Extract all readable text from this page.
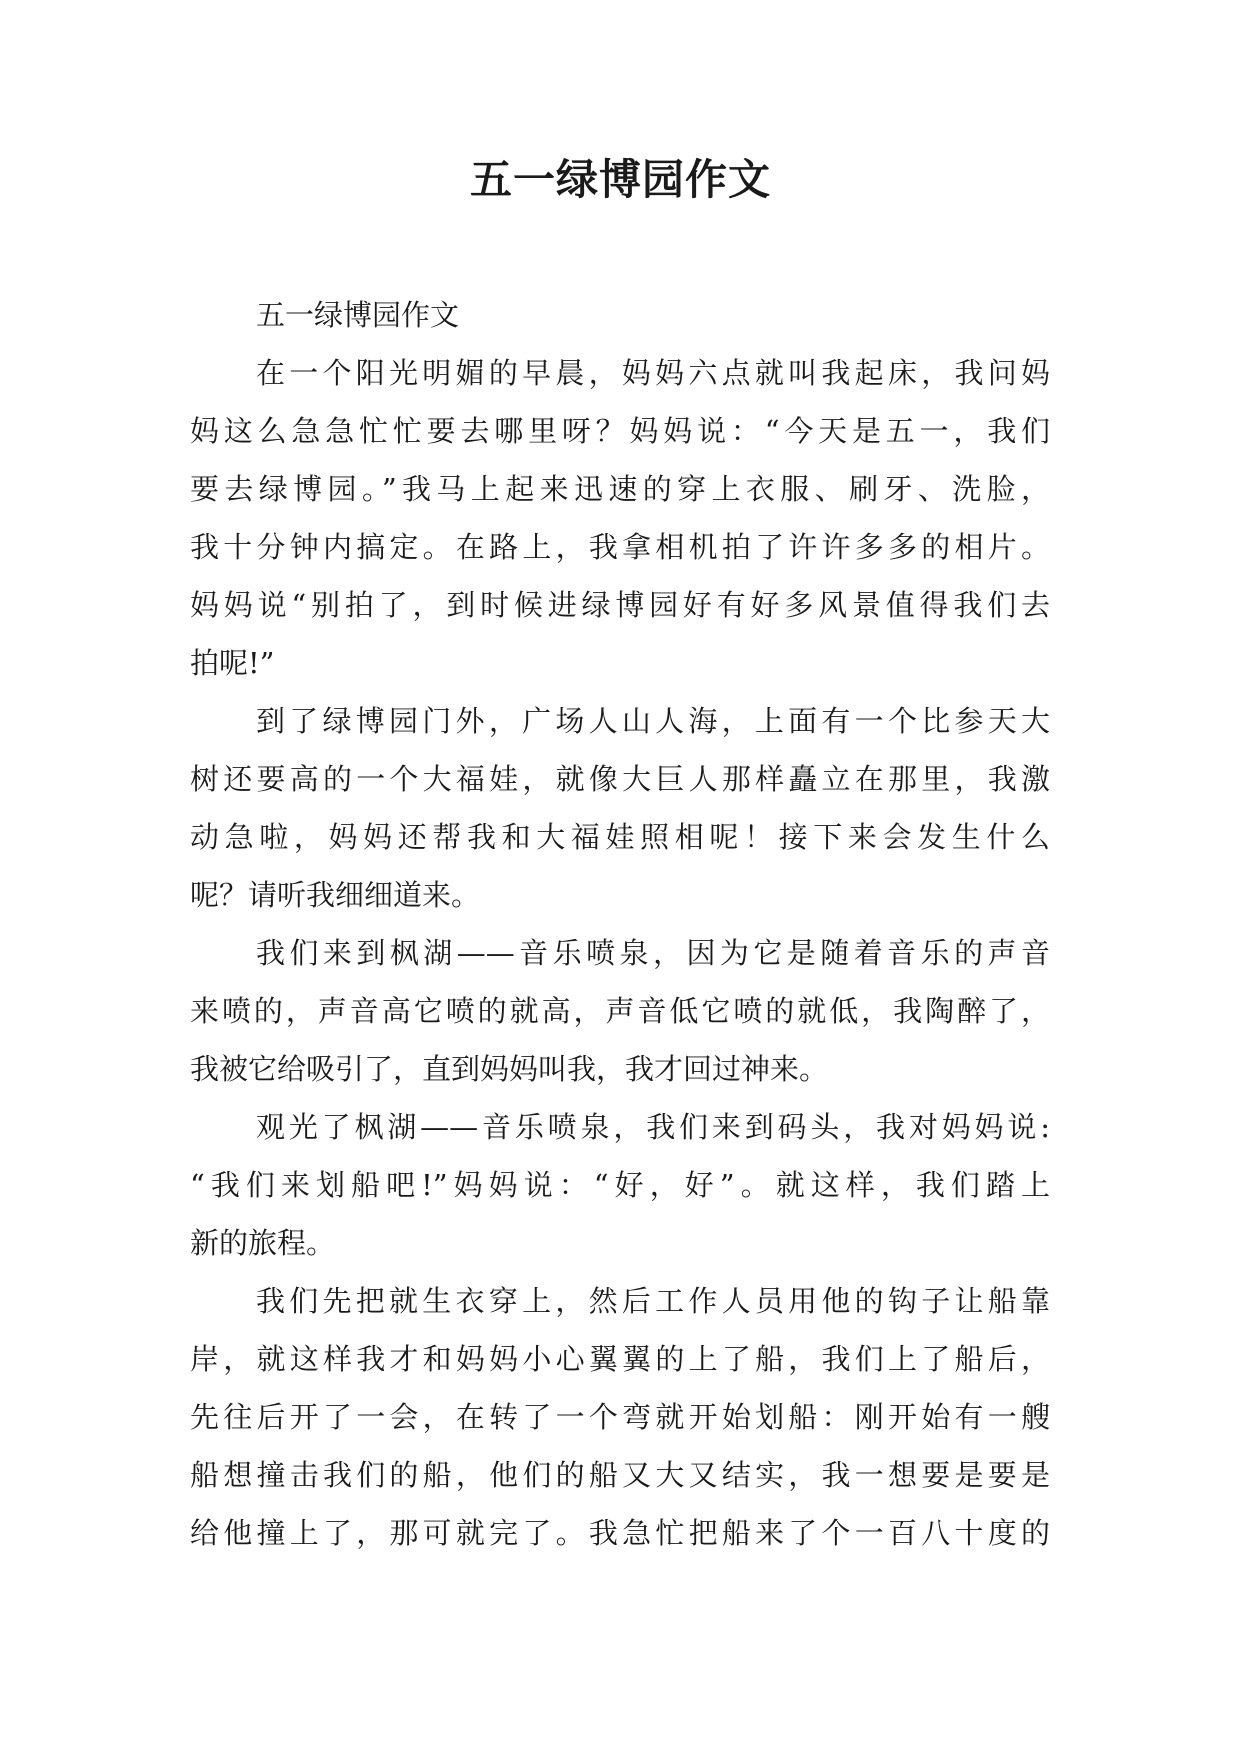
五一绿博园作文
五一绿博园作文
在一个阳光明媚的早晨，妈妈六点就叫我起床，我问妈
妈这么急急忙忙要去哪里呀？妈妈说：“今天是五一，我们
要去绿博园。”我马上起来迅速的穿上衣服、刷牙、洗脸，
我十分钟内搞定。在路上，我拿相机拍了许许多多的相片。
妈妈说“别拍了，到时候进绿博园好有好多风景值得我们去
拍呢!”
到了绿博园门外，广场人山人海，上面有一个比参天大
树还要高的一个大福娃，就像大巨人那样矗立在那里，我激
动急啦，妈妈还帮我和大福娃照相呢！接下来会发生什么
呢？请听我细细道来。
我们来到枫湖——音乐喷泉，因为它是随着音乐的声音
来喷的，声音高它喷的就高，声音低它喷的就低，我陶醉了，
我被它给吸引了，直到妈妈叫我，我才回过神来。
观光了枫湖——音乐喷泉，我们来到码头，我对妈妈说:
“我们来划船吧!”妈妈说：“好，好”。就这样，我们踏上
新的旅程。
我们先把就生衣穿上，然后工作人员用他的钩子让船靠
岸，就这样我才和妈妈小心翼翼的上了船，我们上了船后，
先往后开了一会，在转了一个弯就开始划船：刚开始有一艘
船想撞击我们的船，他们的船又大又结实，我一想要是要是
给他撞上了，那可就完了。我急忙把船来了个一百八十度的
